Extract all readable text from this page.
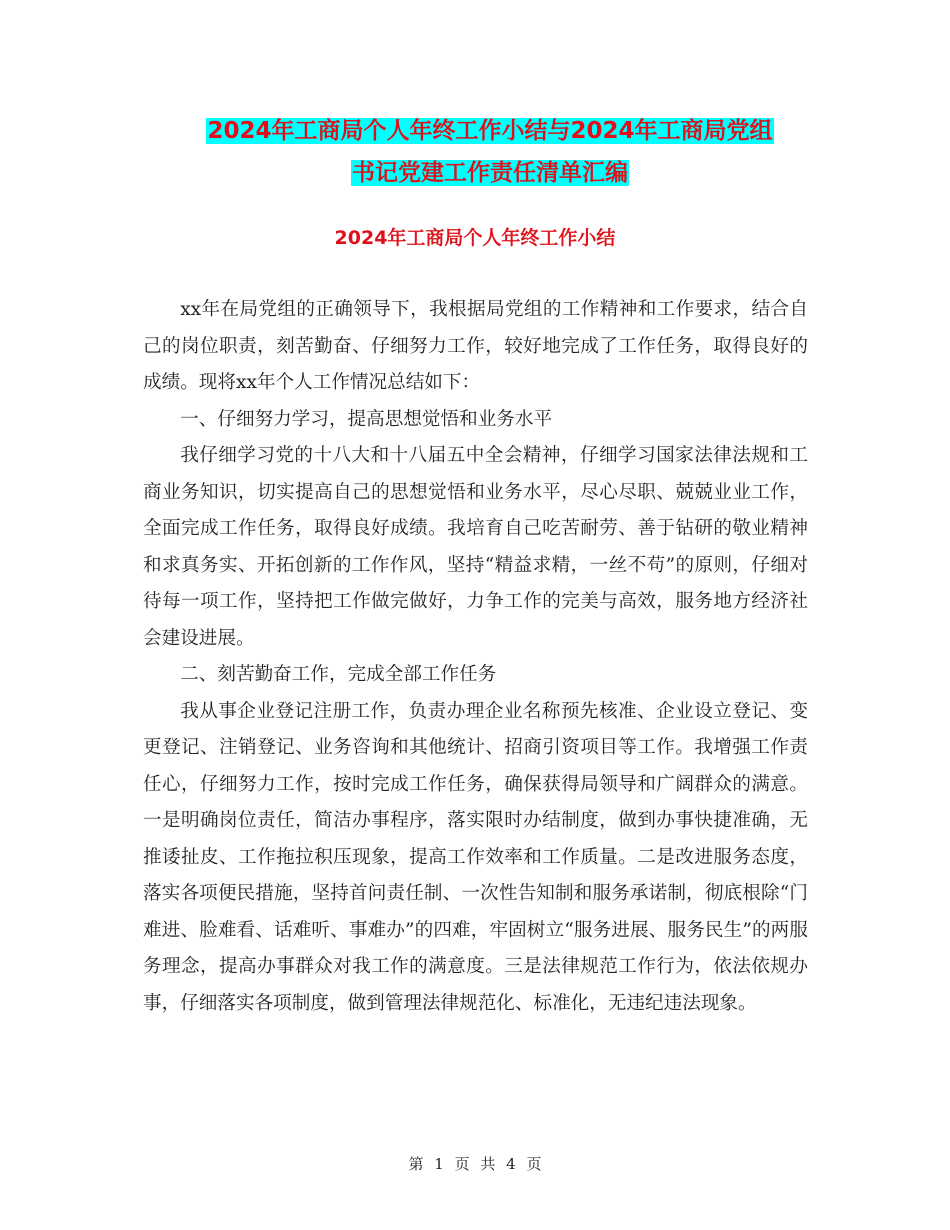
2024年工商局个人年终工作小结与2024年工商局党组
书记党建工作责任清单汇编
2024年工商局个人年终工作小结

xx年在局党组的正确领导下，我根据局党组的工作精神和工作要求，结合自己的岗位职责，刻苦勤奋、仔细努力工作，较好地完成了工作任务，取得良好的成绩。现将xx年个人工作情况总结如下：

一、仔细努力学习，提高思想觉悟和业务水平

我仔细学习党的十八大和十八届五中全会精神，仔细学习国家法律法规和工商业务知识，切实提高自己的思想觉悟和业务水平，尽心尽职、兢兢业业工作，全面完成工作任务，取得良好成绩。我培育自己吃苦耐劳、善于钻研的敬业精神和求真务实、开拓创新的工作作风，坚持“精益求精，一丝不苟”的原则，仔细对待每一项工作，坚持把工作做完做好，力争工作的完美与高效，服务地方经济社会建设进展。

二、刻苦勤奋工作，完成全部工作任务

我从事企业登记注册工作，负责办理企业名称预先核准、企业设立登记、变更登记、注销登记、业务咨询和其他统计、招商引资项目等工作。我增强工作责任心，仔细努力工作，按时完成工作任务，确保获得局领导和广阔群众的满意。一是明确岗位责任，简洁办事程序，落实限时办结制度，做到办事快捷准确，无推诿扯皮、工作拖拉积压现象，提高工作效率和工作质量。二是改进服务态度，落实各项便民措施，坚持首问责任制、一次性告知制和服务承诺制，彻底根除“门难进、脸难看、话难听、事难办”的四难，牢固树立“服务进展、服务民生”的两服务理念，提高办事群众对我工作的满意度。三是法律规范工作行为，依法依规办事，仔细落实各项制度，做到管理法律规范化、标准化，无违纪违法现象。

第 1 页 共 4 页
